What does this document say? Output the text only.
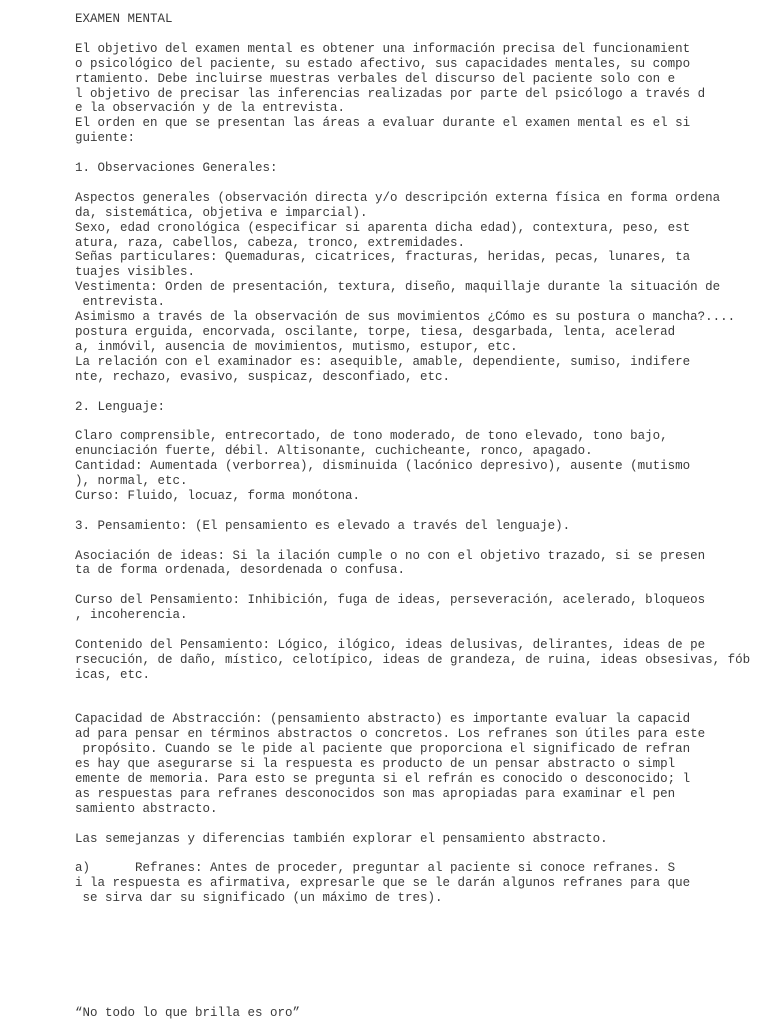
EXAMEN MENTAL
El objetivo del examen mental es obtener una información precisa del funcionamient
o psicológico del paciente, su estado afectivo, sus capacidades mentales, su compo
rtamiento. Debe incluirse muestras verbales del discurso del paciente solo con e
l objetivo de precisar las inferencias realizadas por parte del psicólogo a través d
e la observación y de la entrevista.
El orden en que se presentan las áreas a evaluar durante el examen mental es el si
guiente:
1. Observaciones Generales:
Aspectos generales (observación directa y/o descripción externa física en forma ordena
da, sistemática, objetiva e imparcial).
Sexo, edad cronológica (especificar si aparenta dicha edad), contextura, peso, est
atura, raza, cabellos, cabeza, tronco, extremidades.
Señas particulares: Quemaduras, cicatrices, fracturas, heridas, pecas, lunares, ta
tuajes visibles.
Vestimenta: Orden de presentación, textura, diseño, maquillaje durante la situación de
entrevista.
Asimismo a través de la observación de sus movimientos ¿Cómo es su postura o mancha?....
postura erguida, encorvada, oscilante, torpe, tiesa, desgarbada, lenta, acelerad
a, inmóvil, ausencia de movimientos, mutismo, estupor, etc.
La relación con el examinador es: asequible, amable, dependiente, sumiso, indifere
nte, rechazo, evasivo, suspicaz, desconfiado, etc.
2. Lenguaje:
Claro comprensible, entrecortado, de tono moderado, de tono elevado, tono bajo,
enunciación fuerte, débil. Altisonante, cuchicheante, ronco, apagado.
Cantidad: Aumentada (verborrea), disminuida (lacónico depresivo), ausente (mutismo
), normal, etc.
Curso: Fluido, locuaz, forma monótona.
3. Pensamiento: (El pensamiento es elevado a través del lenguaje).
Asociación de ideas: Si la ilación cumple o no con el objetivo trazado, si se presen
ta de forma ordenada, desordenada o confusa.
Curso del Pensamiento: Inhibición, fuga de ideas, perseveración, acelerado, bloqueos
, incoherencia.
Contenido del Pensamiento: Lógico, ilógico, ideas delusivas, delirantes, ideas de pe
rsecución, de daño, místico, celotípico, ideas de grandeza, de ruina, ideas obsesivas, fób
icas, etc.
Capacidad de Abstracción: (pensamiento abstracto) es importante evaluar la capacid
ad para pensar en términos abstractos o concretos. Los refranes son útiles para este
propósito. Cuando se le pide al paciente que proporciona el significado de refran
es hay que asegurarse si la respuesta es producto de un pensar abstracto o simpl
emente de memoria. Para esto se pregunta si el refrán es conocido o desconocido; l
as respuestas para refranes desconocidos son mas apropiadas para examinar el pen
samiento abstracto.
Las semejanzas y diferencias también explorar el pensamiento abstracto.
a)      Refranes: Antes de proceder, preguntar al paciente si conoce refranes. S
i la respuesta es afirmativa, expresarle que se le darán algunos refranes para que
se sirva dar su significado (un máximo de tres).
“No todo lo que brilla es oro”
